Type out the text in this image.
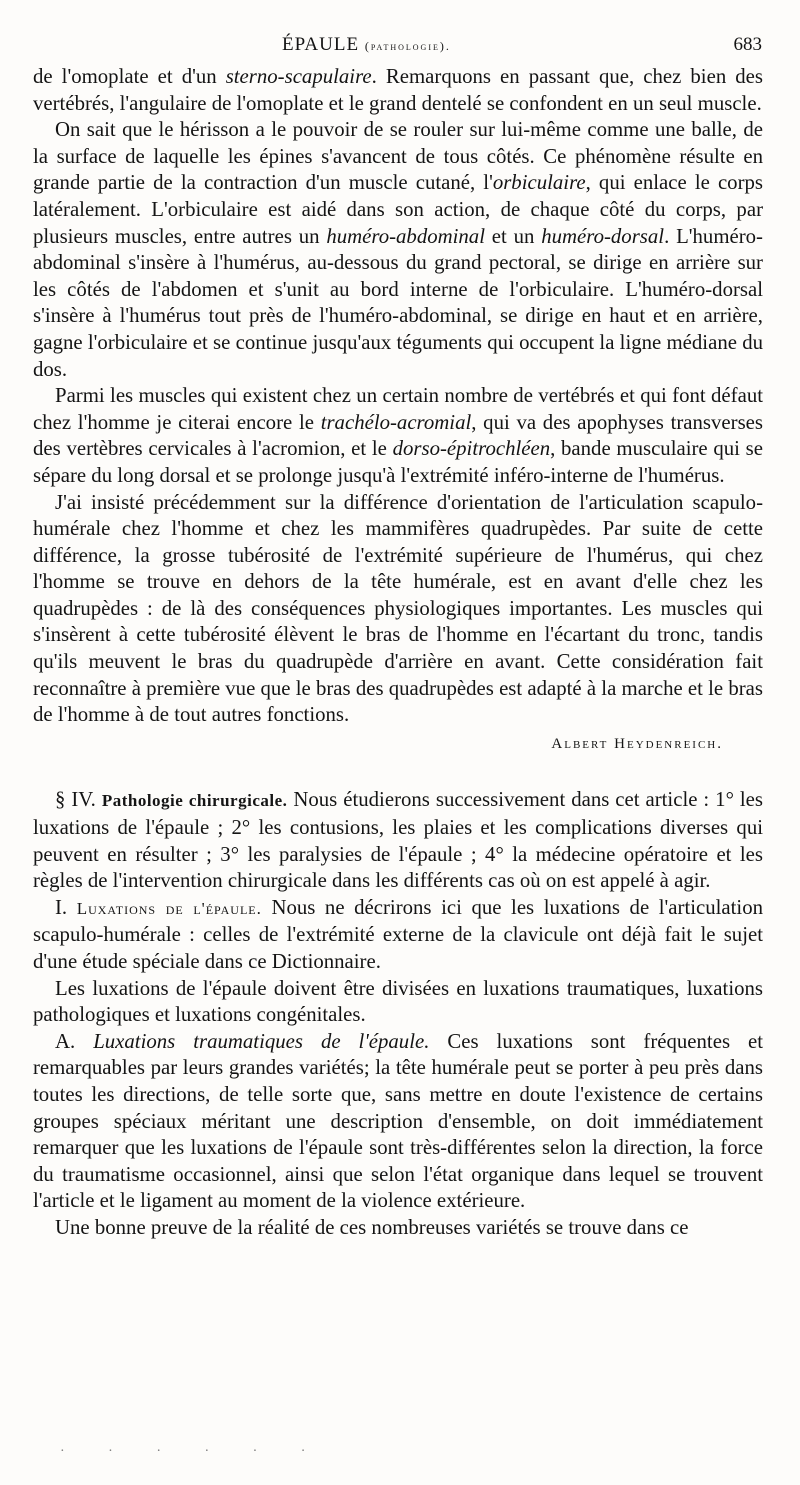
ÉPAULE (pathologie).	683

de l'omoplate et d'un sterno-scapulaire. Remarquons en passant que, chez bien des vertébrés, l'angulaire de l'omoplate et le grand dentelé se confondent en un seul muscle.

On sait que le hérisson a le pouvoir de se rouler sur lui-même comme une balle, de la surface de laquelle les épines s'avancent de tous côtés. Ce phénomène résulte en grande partie de la contraction d'un muscle cutané, l'orbiculaire, qui enlace le corps latéralement. L'orbiculaire est aidé dans son action, de chaque côté du corps, par plusieurs muscles, entre autres un huméro-abdominal et un huméro-dorsal. L'huméro-abdominal s'insère à l'humérus, au-dessous du grand pectoral, se dirige en arrière sur les côtés de l'abdomen et s'unit au bord interne de l'orbiculaire. L'huméro-dorsal s'insère à l'humérus tout près de l'huméro-abdominal, se dirige en haut et en arrière, gagne l'orbiculaire et se continue jusqu'aux téguments qui occupent la ligne médiane du dos.

Parmi les muscles qui existent chez un certain nombre de vertébrés et qui font défaut chez l'homme je citerai encore le trachélo-acromial, qui va des apophyses transverses des vertèbres cervicales à l'acromion, et le dorso-épitrochléen, bande musculaire qui se sépare du long dorsal et se prolonge jusqu'à l'extrémité inféro-interne de l'humérus.

J'ai insisté précédemment sur la différence d'orientation de l'articulation scapulo-humérale chez l'homme et chez les mammifères quadrupèdes. Par suite de cette différence, la grosse tubérosité de l'extrémité supérieure de l'humérus, qui chez l'homme se trouve en dehors de la tête humérale, est en avant d'elle chez les quadrupèdes : de là des conséquences physiologiques importantes. Les muscles qui s'insèrent à cette tubérosité élèvent le bras de l'homme en l'écartant du tronc, tandis qu'ils meuvent le bras du quadrupède d'arrière en avant. Cette considération fait reconnaître à première vue que le bras des quadrupèdes est adapté à la marche et le bras de l'homme à de tout autres fonctions.

Albert Heydenreich.

§ IV. Pathologie chirurgicale. Nous étudierons successivement dans cet article : 1° les luxations de l'épaule ; 2° les contusions, les plaies et les complications diverses qui peuvent en résulter ; 3° les paralysies de l'épaule ; 4° la médecine opératoire et les règles de l'intervention chirurgicale dans les différents cas où on est appelé à agir.

I. Luxations de l'épaule. Nous ne décrirons ici que les luxations de l'articulation scapulo-humérale : celles de l'extrémité externe de la clavicule ont déjà fait le sujet d'une étude spéciale dans ce Dictionnaire.

Les luxations de l'épaule doivent être divisées en luxations traumatiques, luxations pathologiques et luxations congénitales.

A. Luxations traumatiques de l'épaule. Ces luxations sont fréquentes et remarquables par leurs grandes variétés; la tête humérale peut se porter à peu près dans toutes les directions, de telle sorte que, sans mettre en doute l'existence de certains groupes spéciaux méritant une description d'ensemble, on doit immédiatement remarquer que les luxations de l'épaule sont très-différentes selon la direction, la force du traumatisme occasionnel, ainsi que selon l'état organique dans lequel se trouvent l'article et le ligament au moment de la violence extérieure.

Une bonne preuve de la réalité de ces nombreuses variétés se trouve dans ce

· · · · · ·
